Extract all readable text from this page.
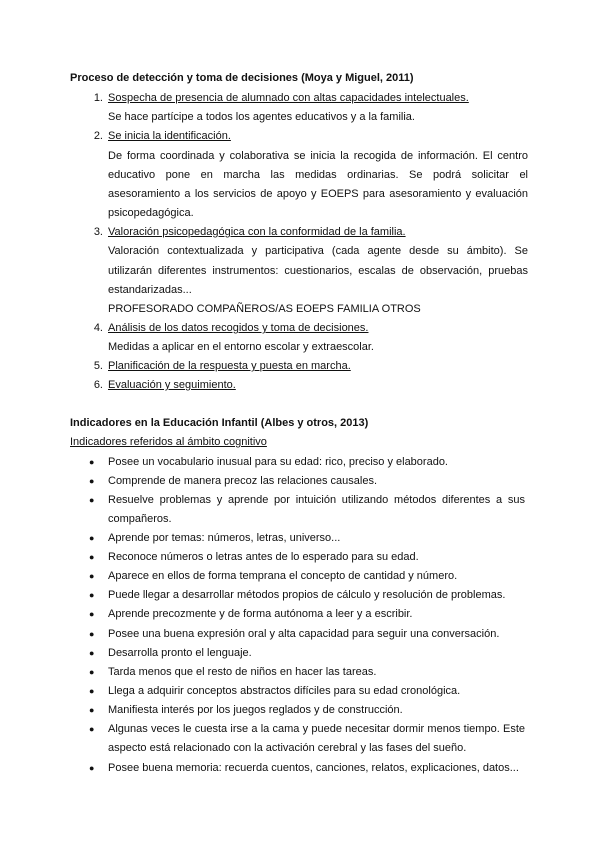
Proceso de detección y toma de decisiones (Moya y Miguel, 2011)
1. Sospecha de presencia de alumnado con altas capacidades intelectuales.
Se hace partícipe a todos los agentes educativos y a la familia.
2. Se inicia la identificación.
De forma coordinada y colaborativa se inicia la recogida de información. El centro
educativo pone en marcha las medidas ordinarias. Se podrá solicitar el
asesoramiento a los servicios de apoyo y EOEPS para asesoramiento y evaluación
psicopedagógica.
3. Valoración psicopedagógica con la conformidad de la familia.
Valoración contextualizada y participativa (cada agente desde su ámbito). Se
utilizarán diferentes instrumentos: cuestionarios, escalas de observación, pruebas
estandarizadas...
PROFESORADO COMPAÑEROS/AS EOEPS FAMILIA OTROS
4. Análisis de los datos recogidos y toma de decisiones.
Medidas a aplicar en el entorno escolar y extraescolar.
5. Planificación de la respuesta y puesta en marcha.
6. Evaluación y seguimiento.
Indicadores en la Educación Infantil (Albes y otros, 2013)
Indicadores referidos al ámbito cognitivo
● Posee un vocabulario inusual para su edad: rico, preciso y elaborado.
● Comprende de manera precoz las relaciones causales.
● Resuelve problemas y aprende por intuición utilizando métodos diferentes a sus
compañeros.
● Aprende por temas: números, letras, universo...
● Reconoce números o letras antes de lo esperado para su edad.
● Aparece en ellos de forma temprana el concepto de cantidad y número.
● Puede llegar a desarrollar métodos propios de cálculo y resolución de problemas.
● Aprende precozmente y de forma autónoma a leer y a escribir.
● Posee una buena expresión oral y alta capacidad para seguir una conversación.
● Desarrolla pronto el lenguaje.
● Tarda menos que el resto de niños en hacer las tareas.
● Llega a adquirir conceptos abstractos difíciles para su edad cronológica.
● Manifiesta interés por los juegos reglados y de construcción.
● Algunas veces le cuesta irse a la cama y puede necesitar dormir menos tiempo. Este
aspecto está relacionado con la activación cerebral y las fases del sueño.
● Posee buena memoria: recuerda cuentos, canciones, relatos, explicaciones, datos...
